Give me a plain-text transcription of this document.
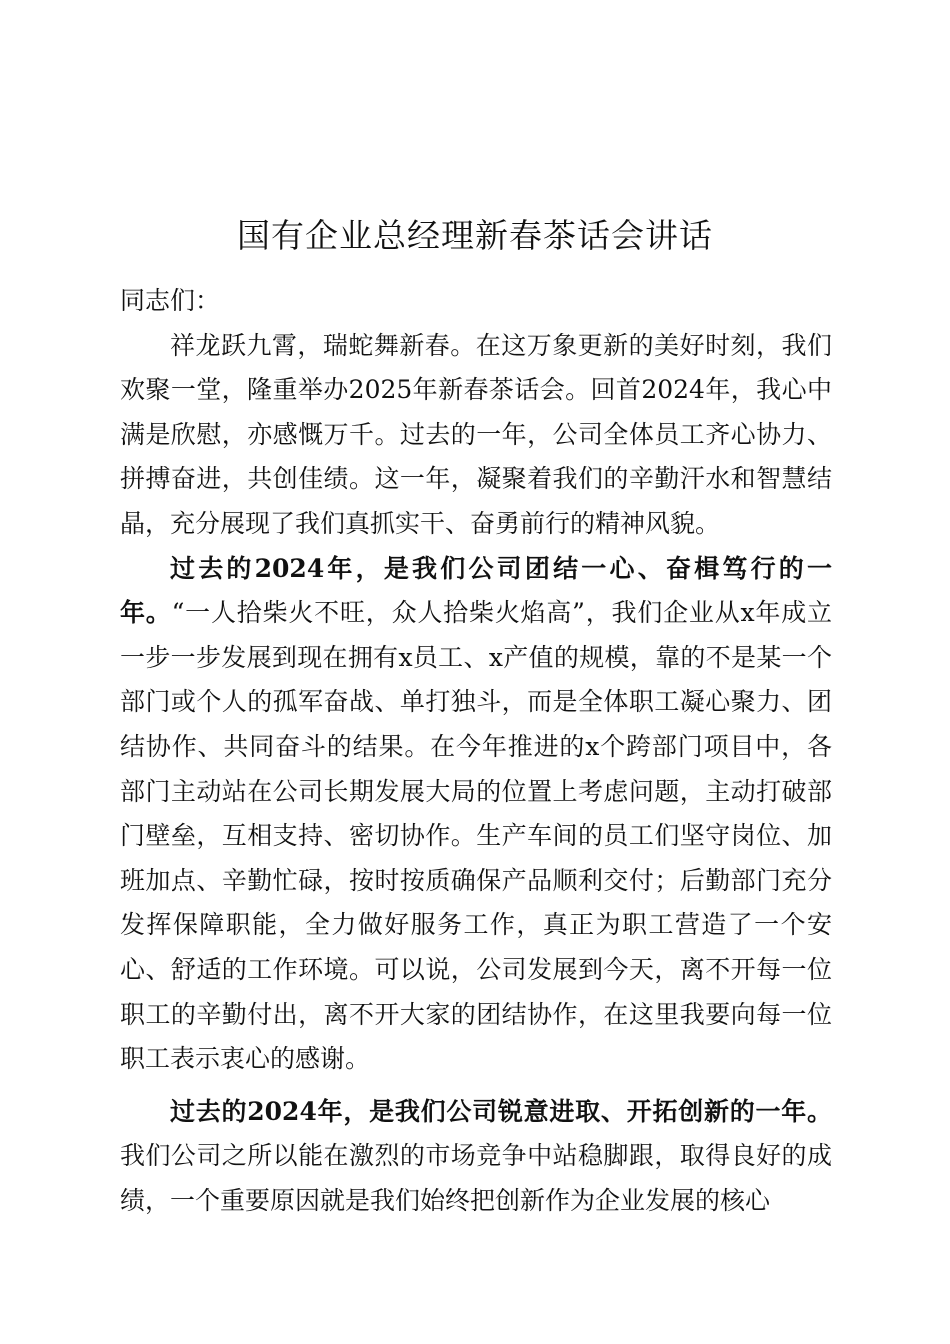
国有企业总经理新春茶话会讲话

同志们：

祥龙跃九霄，瑞蛇舞新春。在这万象更新的美好时刻，我们欢聚一堂，隆重举办2025年新春茶话会。回首2024年，我心中满是欣慰，亦感慨万千。过去的一年，公司全体员工齐心协力、拼搏奋进，共创佳绩。这一年，凝聚着我们的辛勤汗水和智慧结晶，充分展现了我们真抓实干、奋勇前行的精神风貌。

过去的2024年，是我们公司团结一心、奋楫笃行的一年。“一人拾柴火不旺，众人拾柴火焰高”，我们企业从x年成立一步一步发展到现在拥有x员工、x产值的规模，靠的不是某一个部门或个人的孤军奋战、单打独斗，而是全体职工凝心聚力、团结协作、共同奋斗的结果。在今年推进的x个跨部门项目中，各部门主动站在公司长期发展大局的位置上考虑问题，主动打破部门壁垒，互相支持、密切协作。生产车间的员工们坚守岗位、加班加点、辛勤忙碌，按时按质确保产品顺利交付；后勤部门充分发挥保障职能，全力做好服务工作，真正为职工营造了一个安心、舒适的工作环境。可以说，公司发展到今天，离不开每一位职工的辛勤付出，离不开大家的团结协作，在这里我要向每一位职工表示衷心的感谢。

过去的2024年，是我们公司锐意进取、开拓创新的一年。我们公司之所以能在激烈的市场竞争中站稳脚跟，取得良好的成绩，一个重要原因就是我们始终把创新作为企业发展的核心
